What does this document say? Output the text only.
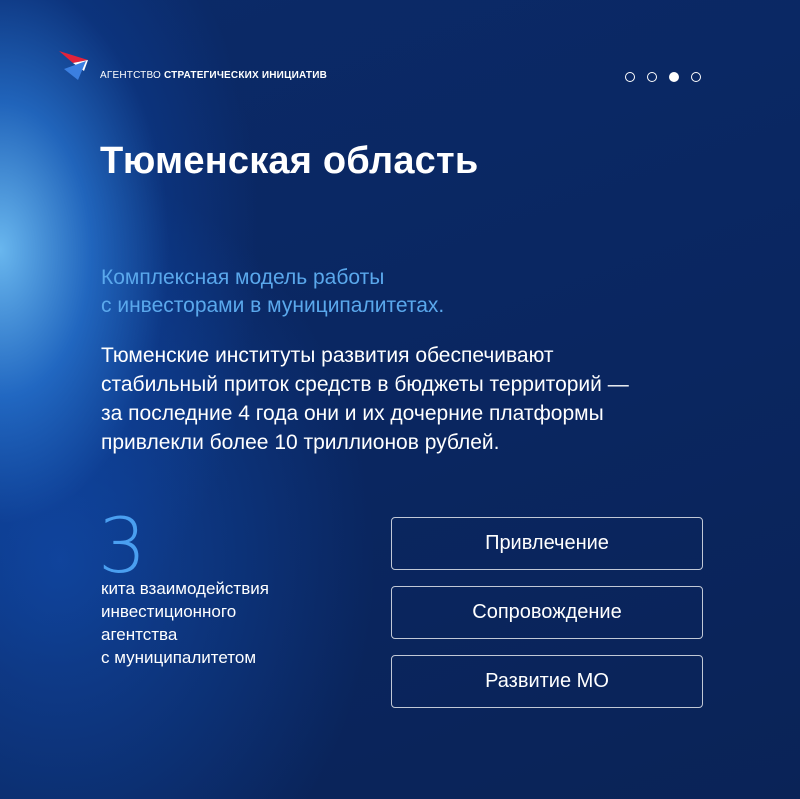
АГЕНТСТВО СТРАТЕГИЧЕСКИХ ИНИЦИАТИВ
Тюменская область
Комплексная модель работы
с инвесторами в муниципалитетах.
Тюменские институты развития обеспечивают
стабильный приток средств в бюджеты территорий —
за последние 4 года они и их дочерние платформы
привлекли более 10 триллионов рублей.
3
кита взаимодействия
инвестиционного
агентства
с муниципалитетом
Привлечение
Сопровождение
Развитие МО
